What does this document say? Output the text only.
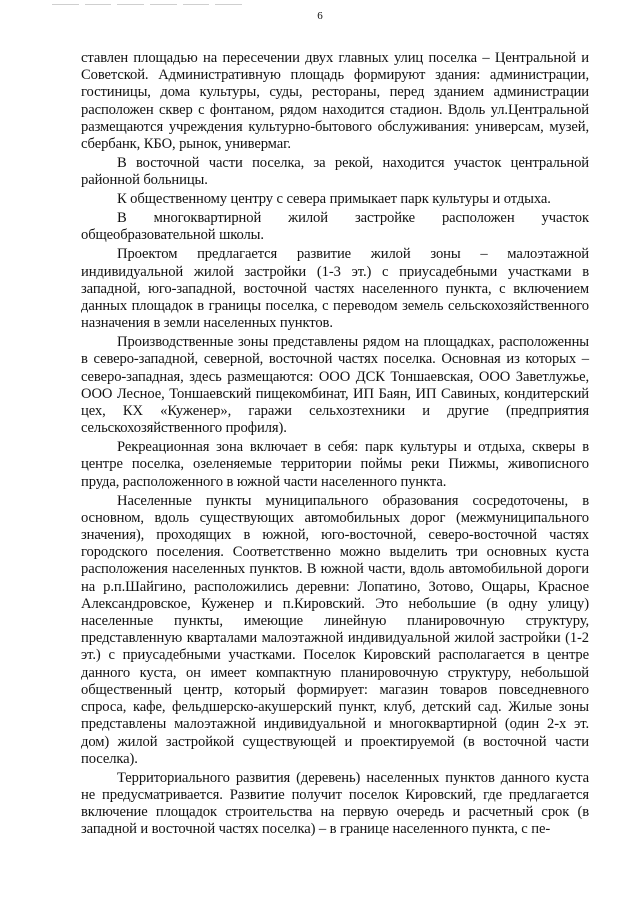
6

ставлен площадью на пересечении двух главных улиц поселка – Центральной и Советской. Административную площадь формируют здания: администрации, гостиницы, дома культуры, суды, рестораны, перед зданием администрации расположен сквер с фонтаном, рядом находится стадион. Вдоль ул.Центральной размещаются учреждения культурно-бытового обслуживания: универсам, музей, сбербанк, КБО, рынок, универмаг.

В восточной части поселка, за рекой, находится участок центральной районной больницы.

К общественному центру с севера примыкает парк культуры и отдыха.

В многоквартирной жилой застройке расположен участок общеобразовательной школы.

Проектом предлагается развитие жилой зоны – малоэтажной индивидуальной жилой застройки (1-3 эт.) с приусадебными участками в западной, юго-западной, восточной частях населенного пункта, с включением данных площадок в границы поселка, с переводом земель сельскохозяйственного назначения в земли населенных пунктов.

Производственные зоны представлены рядом на площадках, расположенны в северо-западной, северной, восточной частях поселка. Основная из которых – северо-западная, здесь размещаются: ООО ДСК Тоншаевская, ООО Заветлужье, ООО Лесное, Тоншаевский пищекомбинат, ИП Баян, ИП Савиных, кондитерский цех, КХ «Куженер», гаражи сельхозтехники и другие (предприятия сельскохозяйственного профиля).

Рекреационная зона включает в себя: парк культуры и отдыха, скверы в центре поселка, озеленяемые территории поймы реки Пижмы, живописного пруда, расположенного в южной части населенного пункта.

Населенные пункты муниципального образования сосредоточены, в основном, вдоль существующих автомобильных дорог (межмуниципального значения), проходящих в южной, юго-восточной, северо-восточной частях городского поселения. Соответственно можно выделить три основных куста расположения населенных пунктов. В южной части, вдоль автомобильной дороги на р.п.Шайгино, расположились деревни: Лопатино, Зотово, Ощары, Красное Александровское, Куженер и п.Кировский. Это небольшие (в одну улицу) населенные пункты, имеющие линейную планировочную структуру, представленную кварталами малоэтажной индивидуальной жилой застройки (1-2 эт.) с приусадебными участками. Поселок Кировский располагается в центре данного куста, он имеет компактную планировочную структуру, небольшой общественный центр, который формирует: магазин товаров повседневного спроса, кафе, фельдшерско-акушерский пункт, клуб, детский сад. Жилые зоны представлены малоэтажной индивидуальной и многоквартирной (один 2-х эт. дом) жилой застройкой существующей и проектируемой (в восточной части поселка).

Территориального развития (деревень) населенных пунктов данного куста не предусматривается. Развитие получит поселок Кировский, где предлагается включение площадок строительства на первую очередь и расчетный срок (в западной и восточной частях поселка) – в границе населенного пункта, с пе-
